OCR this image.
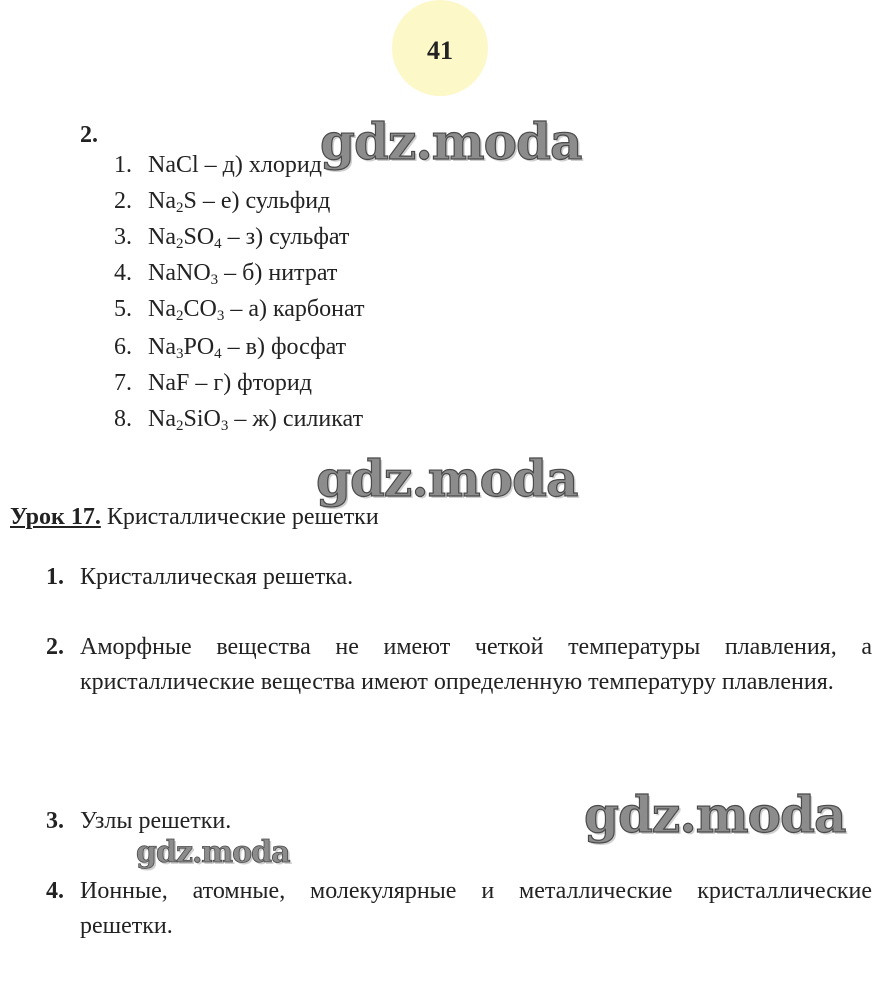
41
2.
1. NaCl – д) хлорид
2. $Na_2S - е$) сульфид
3. $Na_2SO_4 - з$) сульфат
4. NaNO$_3$ – б) нитрат
5. $Na_2CO_3 - а$) карбонат
6. $Na_3PO_4 - в$) фосфат
7. NaF – г) фторид
8. $Na_2SiO_3 - ж$) силикат
Урок 17. Кристаллические решетки
1. Кристаллическая решетка.
2. Аморфные вещества не имеют четкой температуры плавления, а кристаллические вещества имеют определенную температуру плавления.
3. Узлы решетки.
4. Ионные, атомные, молекулярные и металлические кристаллические решетки.
gdz.moda
gdz.moda
gdz.moda
gdz.moda
